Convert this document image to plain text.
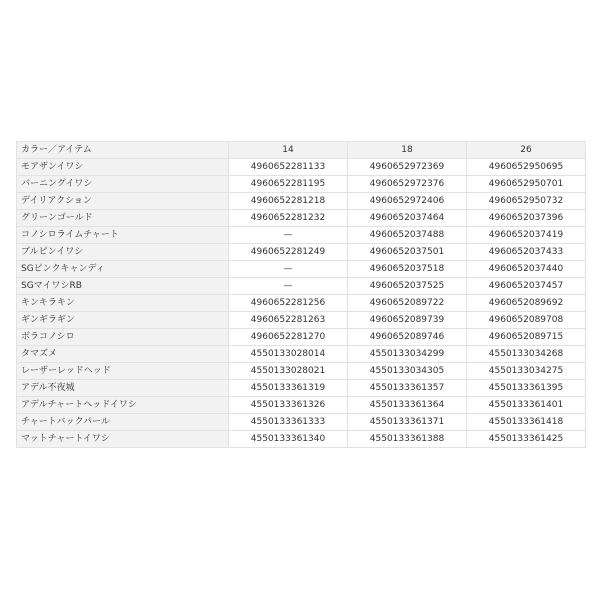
カラー／アイテム	14	18	26
モアザンイワシ	4960652281133	4960652972369	4960652950695
バーニングイワシ	4960652281195	4960652972376	4960652950701
デイリアクション	4960652281218	4960652972406	4960652950732
グリーンゴールド	4960652281232	4960652037464	4960652037396
コノシロライムチャート	—	4960652037488	4960652037419
ブルピンイワシ	4960652281249	4960652037501	4960652037433
SGピンクキャンディ	—	4960652037518	4960652037440
SGマイワシRB	—	4960652037525	4960652037457
キンキラキン	4960652281256	4960652089722	4960652089692
ギンギラギン	4960652281263	4960652089739	4960652089708
ボラコノシロ	4960652281270	4960652089746	4960652089715
タマズメ	4550133028014	4550133034299	4550133034268
レーザーレッドヘッド	4550133028021	4550133034305	4550133034275
アデル不夜城	4550133361319	4550133361357	4550133361395
アデルチャートヘッドイワシ	4550133361326	4550133361364	4550133361401
チャートバックパール	4550133361333	4550133361371	4550133361418
マットチャートイワシ	4550133361340	4550133361388	4550133361425
